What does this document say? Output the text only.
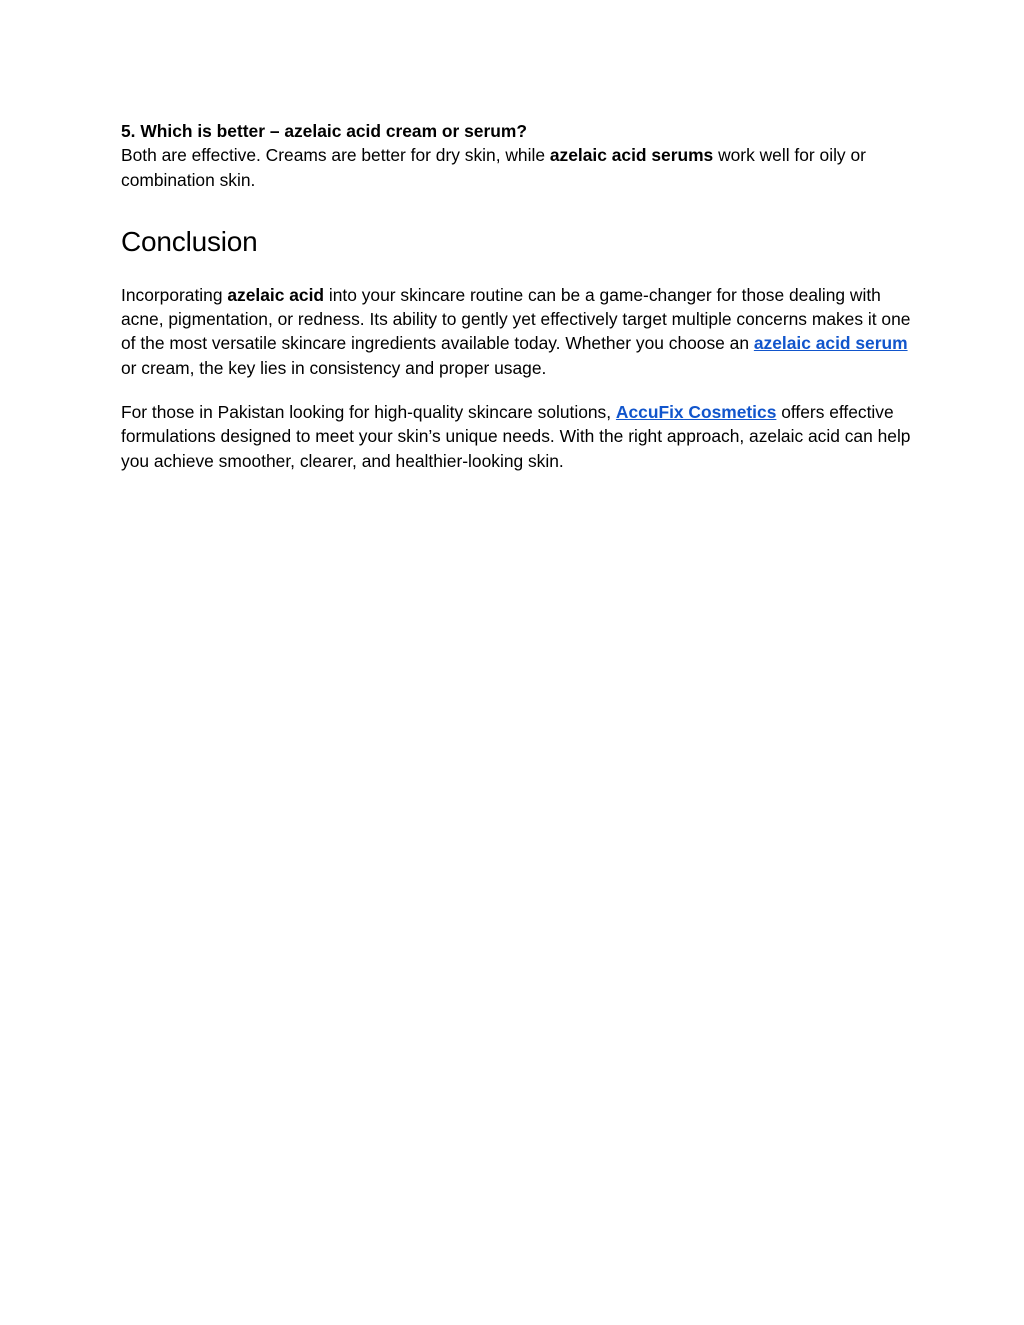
5. Which is better – azelaic acid cream or serum?

Both are effective. Creams are better for dry skin, while azelaic acid serums work well for oily or combination skin.

Conclusion

Incorporating azelaic acid into your skincare routine can be a game-changer for those dealing with acne, pigmentation, or redness. Its ability to gently yet effectively target multiple concerns makes it one of the most versatile skincare ingredients available today. Whether you choose an azelaic acid serum or cream, the key lies in consistency and proper usage.

For those in Pakistan looking for high-quality skincare solutions, AccuFix Cosmetics offers effective formulations designed to meet your skin’s unique needs. With the right approach, azelaic acid can help you achieve smoother, clearer, and healthier-looking skin.
